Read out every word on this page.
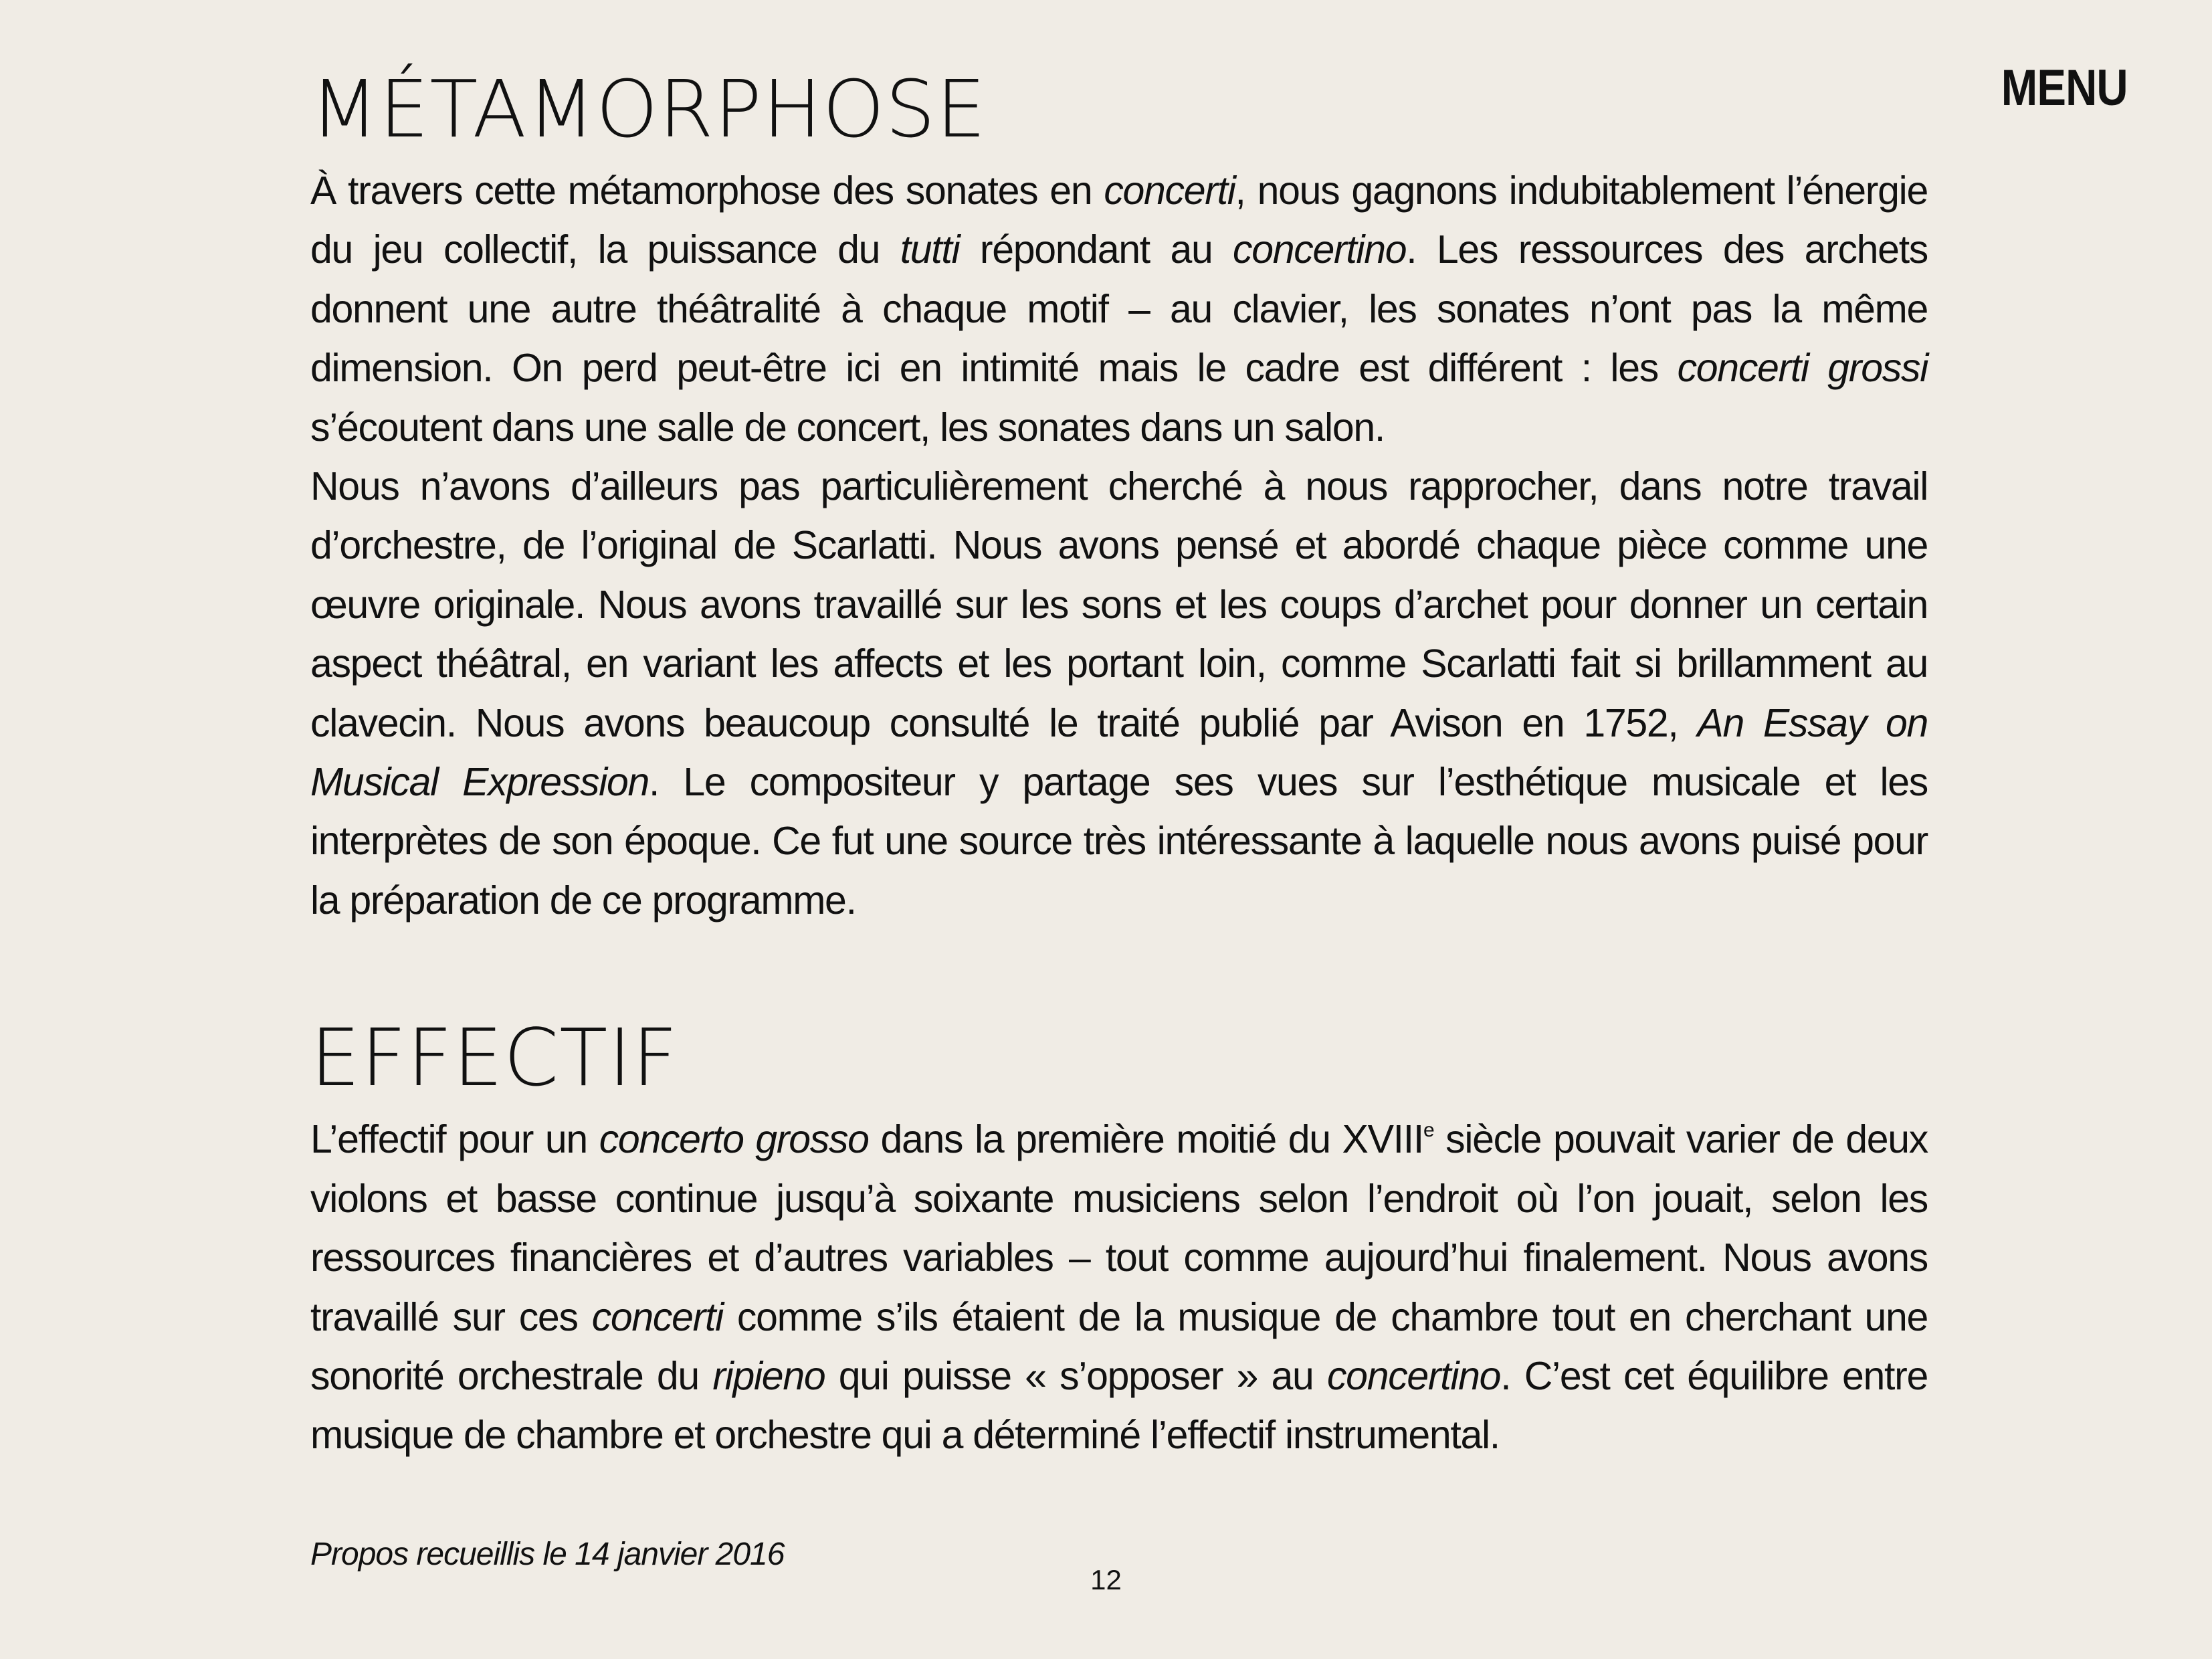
MENU
MÉTAMORPHOSE

À travers cette métamorphose des sonates en concerti, nous gagnons indubitablement l’énergie du jeu collectif, la puissance du tutti répondant au concertino. Les ressources des archets donnent une autre théâtralité à chaque motif – au clavier, les sonates n’ont pas la même dimension. On perd peut-être ici en intimité mais le cadre est différent : les concerti grossi s’écoutent dans une salle de concert, les sonates dans un salon.

Nous n’avons d’ailleurs pas particulièrement cherché à nous rapprocher, dans notre travail d’orchestre, de l’original de Scarlatti. Nous avons pensé et abordé chaque pièce comme une œuvre originale. Nous avons travaillé sur les sons et les coups d’archet pour donner un certain aspect théâtral, en variant les affects et les portant loin, comme Scarlatti fait si brillamment au clavecin. Nous avons beaucoup consulté le traité publié par Avison en 1752, An Essay on Musical Expression. Le compositeur y partage ses vues sur l’esthétique musicale et les interprètes de son époque. Ce fut une source très intéressante à laquelle nous avons puisé pour la préparation de ce programme.

EFFECTIF

L’effectif pour un concerto grosso dans la première moitié du XVIIIe siècle pouvait varier de deux violons et basse continue jusqu’à soixante musiciens selon l’endroit où l’on jouait, selon les ressources financières et d’autres variables – tout comme aujourd’hui finalement. Nous avons travaillé sur ces concerti comme s’ils étaient de la musique de chambre tout en cherchant une sonorité orchestrale du ripieno qui puisse « s’opposer » au concertino. C’est cet équilibre entre musique de chambre et orchestre qui a déterminé l’effectif instrumental.

Propos recueillis le 14 janvier 2016
12
